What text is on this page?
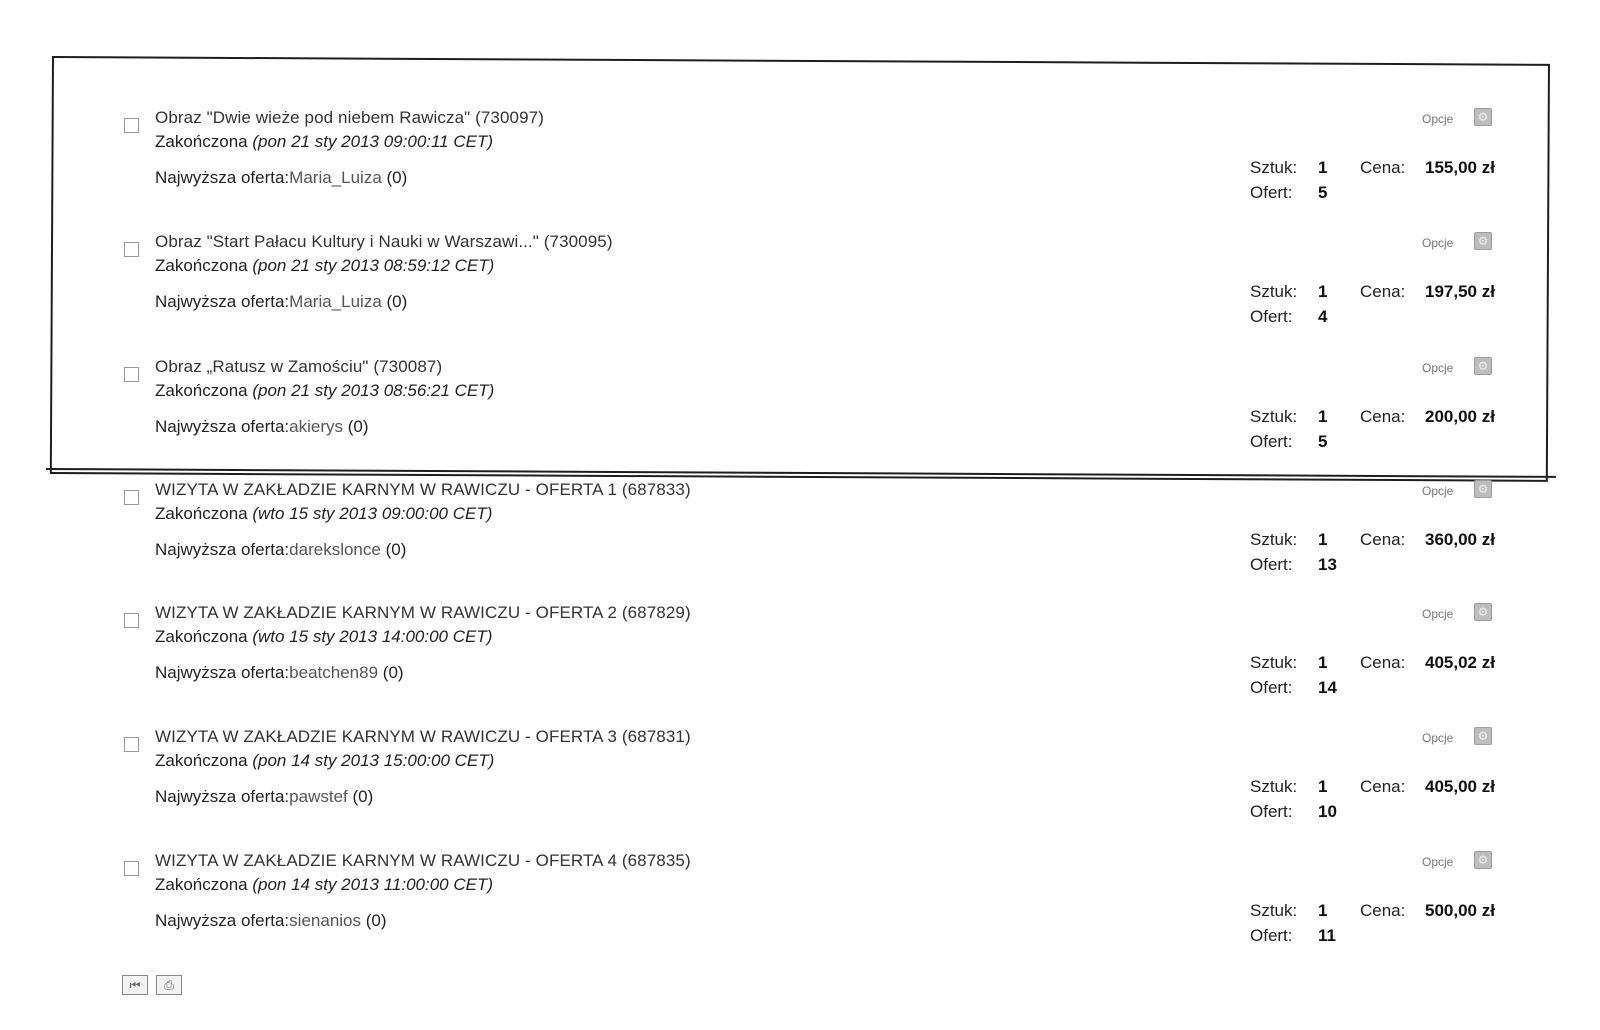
Obraz "Dwie wieże pod niebem Rawicza" (730097)
Zakończona (pon 21 sty 2013 09:00:11 CET)
Najwyższa oferta:Maria_Luiza (0)
Opcje	⚙
Sztuk: 1
Ofert: 5
Cena: 155,00 zł
Obraz "Start Pałacu Kultury i Nauki w Warszawi..." (730095)
Zakończona (pon 21 sty 2013 08:59:12 CET)
Najwyższa oferta:Maria_Luiza (0)
Opcje	⚙
Sztuk: 1
Ofert: 4
Cena: 197,50 zł
Obraz „Ratusz w Zamościu" (730087)
Zakończona (pon 21 sty 2013 08:56:21 CET)
Najwyższa oferta:akierys (0)
Opcje	⚙
Sztuk: 1
Ofert: 5
Cena: 200,00 zł
WIZYTA W ZAKŁADZIE KARNYM W RAWICZU - OFERTA 1 (687833)
Zakończona (wto 15 sty 2013 09:00:00 CET)
Najwyższa oferta:darekslonce (0)
Opcje	⚙
Sztuk: 1
Ofert: 13
Cena: 360,00 zł
WIZYTA W ZAKŁADZIE KARNYM W RAWICZU - OFERTA 2 (687829)
Zakończona (wto 15 sty 2013 14:00:00 CET)
Najwyższa oferta:beatchen89 (0)
Opcje	⚙
Sztuk: 1
Ofert: 14
Cena: 405,02 zł
WIZYTA W ZAKŁADZIE KARNYM W RAWICZU - OFERTA 3 (687831)
Zakończona (pon 14 sty 2013 15:00:00 CET)
Najwyższa oferta:pawstef (0)
Opcje	⚙
Sztuk: 1
Ofert: 10
Cena: 405,00 zł
WIZYTA W ZAKŁADZIE KARNYM W RAWICZU - OFERTA 4 (687835)
Zakończona (pon 14 sty 2013 11:00:00 CET)
Najwyższa oferta:sienanios (0)
Opcje	⚙
Sztuk: 1
Ofert: 11
Cena: 500,00 zł
⏮ ⎙
